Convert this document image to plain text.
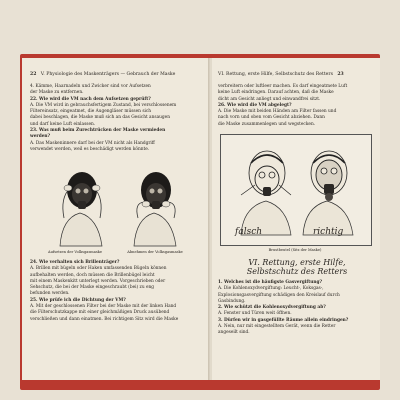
22 V. Physiologie des Maskenträgers — Gebrauch der Maske
4. Kämme, Haarnadeln und Zwicker sind vor Aufsetzen
der Maske zu entfernen.
22. Wie wird die VM nach dem Aufsetzen geprüft?
A. Die VM wird in gebrauchsfertigem Zustand, bei verschlossenem
Filtereinsatz, eingeatmet, die Augengläser müssen sich
dabei beschlagen, die Maske muß sich an das Gesicht ansaugen
und darf keine Luft einlassen.
23. Was muß beim Zurechtrücken der Maske vermieden
werden?
A. Das Maskeninnere darf bei der VM nicht als Handgriff
verwendet werden, weil es beschädigt werden könnte.
Aufsetzen der Volksgasmaske	Abnehmen der Volksgasmaske
24. Wie verhalten sich Brillenträger?
A. Brillen mit bügeln oder Haken umfassenden Bügeln können
aufbehalten werden, doch müssen die Brillenbügel leicht
mit einem Maskenkitt unterlegt werden. Vorgeschrieben oder
Sehschutz, die bei der Maske eingeschraubt (bei) zu eng
befunden werden.
25. Wie prüfe ich die Dichtung der VM?
A. Mit der geschlossenen Filter bei der Maske mit der linken Hand
die Filterschutzkappe mit einer gleichmäßigen Druck ausübend
verschließen und dann einatmen. Bei richtigem Sitz wird die Maske
VI. Rettung, erste Hilfe, Selbstschutz des Retters 23
verbreitern oder luftleer machen. Es darf eingeatmete Luft
keine Luft eindringen. Darauf achten, daß die Maske
dicht am Gesicht anliegt und einwandfrei sitzt.
26. Wie wird die VM abgelegt?
A. Die Maske mit beiden Händen am Filter fassen und
nach vorn und oben vom Gesicht abziehen. Dann
die Maske zusammenlegen und wegstecken.
falsch	richtig
Brustbeutel (Sitz der Maske)
VI. Rettung, erste Hilfe,
Selbstschutz des Retters
1. Welches ist die häufigste Gasvergiftung?
A. Die Kohlenoxydvergiftung: Leucht-, Koksgas-,
Explosionsgasvergiftung schädigen den Kreislauf durch
Gasbindung.
2. Wie schützt die Kohlenoxydvergiftung ab?
A. Fenster und Türen weit öffnen.
3. Dürfen wir in gasgefüllte Räume allein eindringen?
A. Nein, nur mit eingestelltem Gerät, wenn die Retter
angeseilt sind.
